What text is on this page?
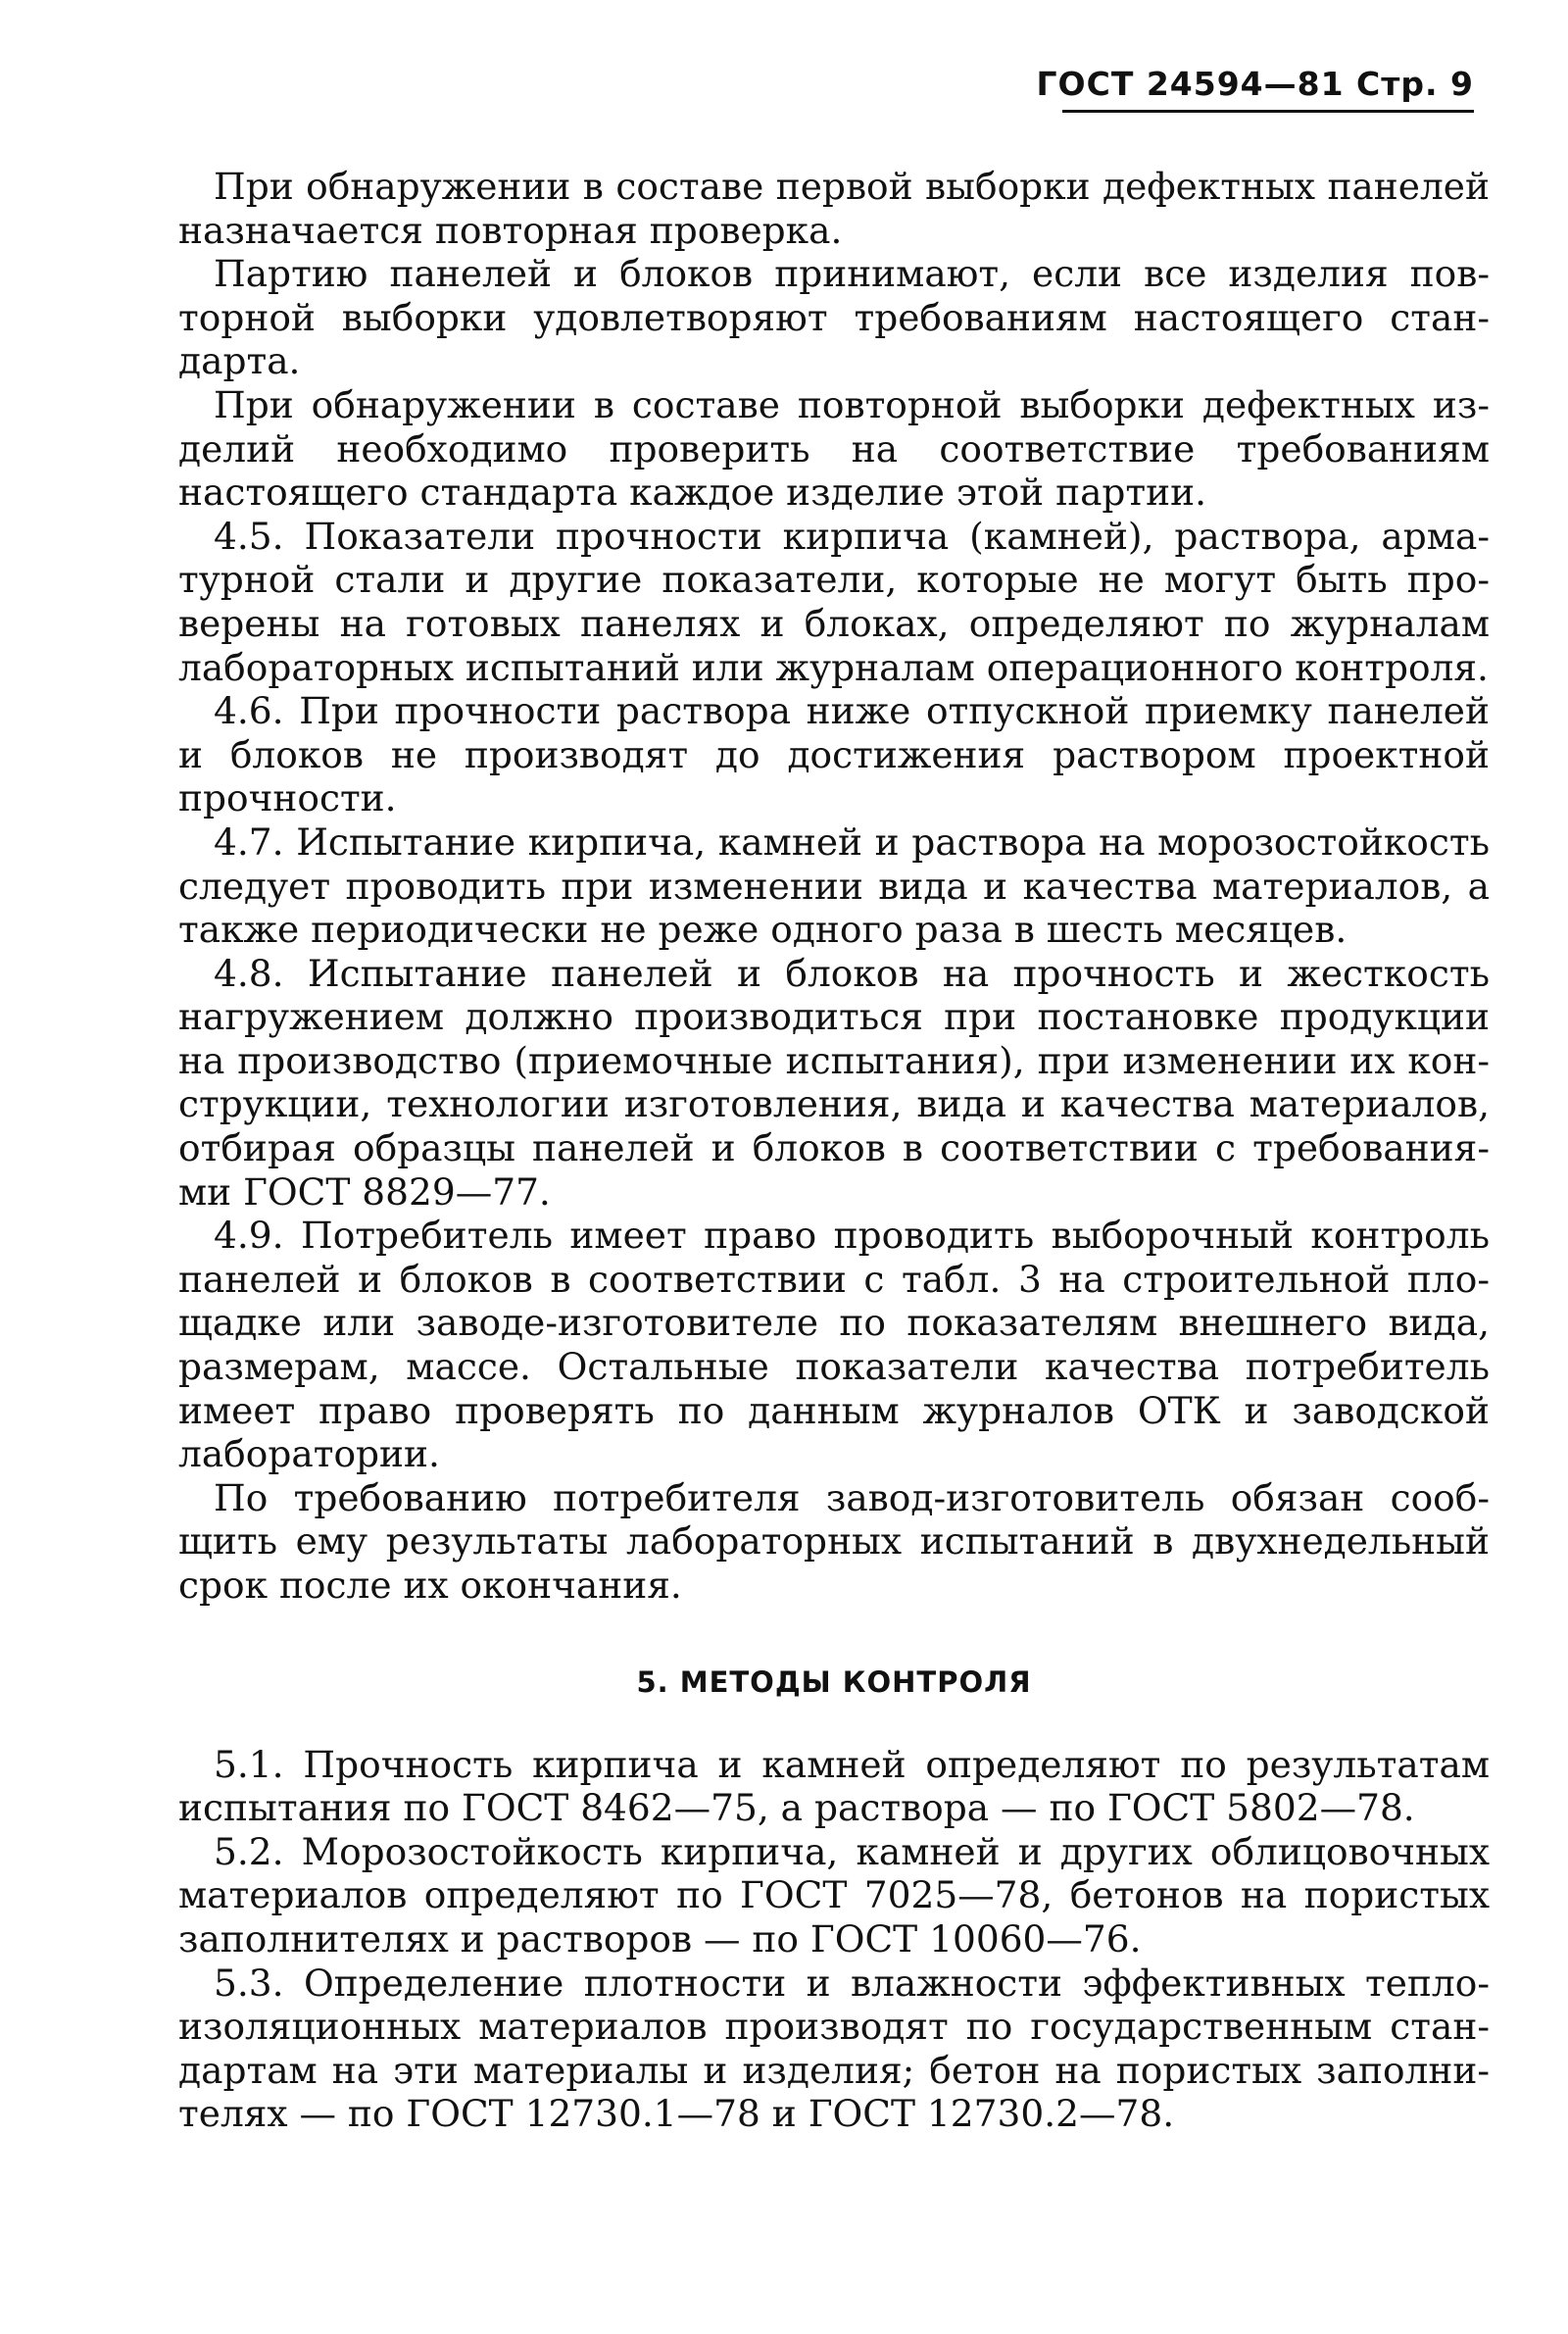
ГОСТ 24594—81 Стр. 9

При обнаружении в составе первой выборки дефектных панелей назначается повторная проверка.

Партию панелей и блоков принимают, если все изделия повторной выборки удовлетворяют требованиям настоящего стандарта.

При обнаружении в составе повторной выборки дефектных изделий необходимо проверить на соответствие требованиям настоящего стандарта каждое изделие этой партии.

4.5. Показатели прочности кирпича (камней), раствора, арматурной стали и другие показатели, которые не могут быть проверены на готовых панелях и блоках, определяют по журналам лабораторных испытаний или журналам операционного контроля.

4.6. При прочности раствора ниже отпускной приемку панелей и блоков не производят до достижения раствором проектной прочности.

4.7. Испытание кирпича, камней и раствора на морозостойкость следует проводить при изменении вида и качества материалов, а также периодически не реже одного раза в шесть месяцев.

4.8. Испытание панелей и блоков на прочность и жесткость нагружением должно производиться при постановке продукции на производство (приемочные испытания), при изменении их конструкции, технологии изготовления, вида и качества материалов, отбирая образцы панелей и блоков в соответствии с требованиями ГОСТ 8829—77.

4.9. Потребитель имеет право проводить выборочный контроль панелей и блоков в соответствии с табл. 3 на строительной площадке или заводе-изготовителе по показателям внешнего вида, размерам, массе. Остальные показатели качества потребитель имеет право проверять по данным журналов ОТК и заводской лаборатории.

По требованию потребителя завод-изготовитель обязан сообщить ему результаты лабораторных испытаний в двухнедельный срок после их окончания.

5. МЕТОДЫ КОНТРОЛЯ

5.1. Прочность кирпича и камней определяют по результатам испытания по ГОСТ 8462—75, а раствора — по ГОСТ 5802—78.

5.2. Морозостойкость кирпича, камней и других облицовочных материалов определяют по ГОСТ 7025—78, бетонов на пористых заполнителях и растворов — по ГОСТ 10060—76.

5.3. Определение плотности и влажности эффективных теплоизоляционных материалов производят по государственным стандартам на эти материалы и изделия; бетон на пористых заполнителях — по ГОСТ 12730.1—78 и ГОСТ 12730.2—78.
